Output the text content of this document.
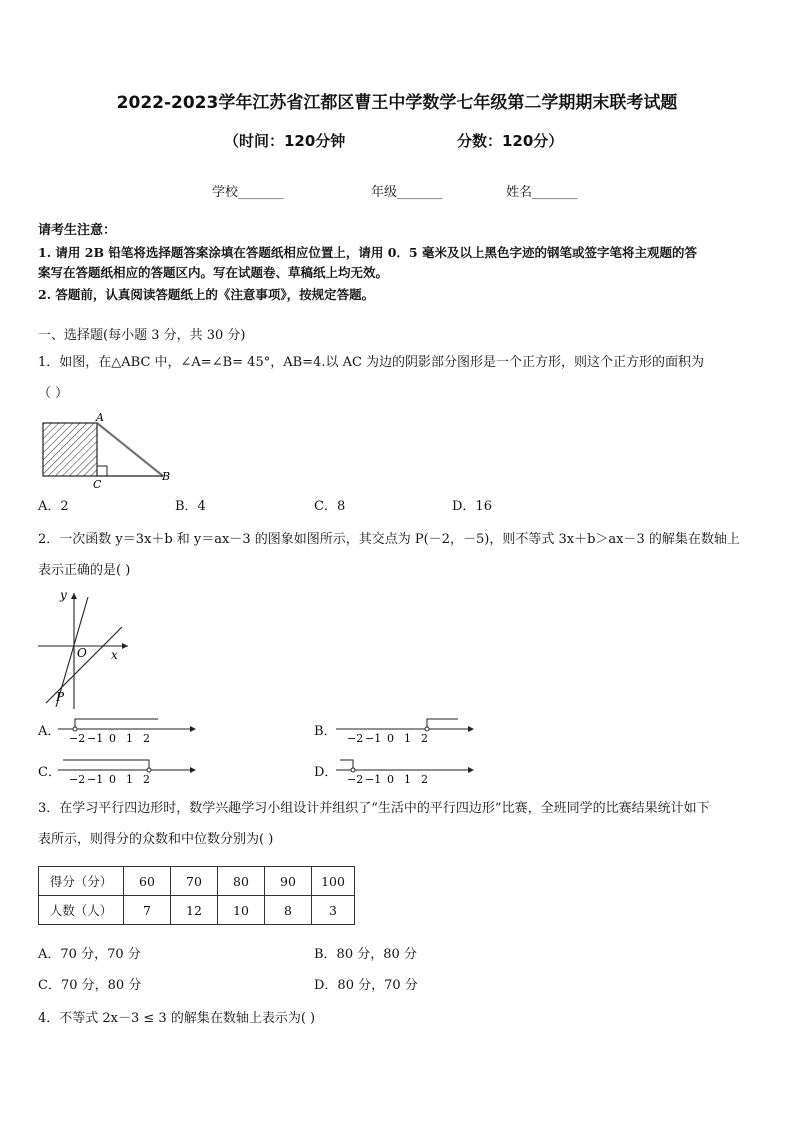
2022-2023学年江苏省江都区曹王中学数学七年级第二学期期末联考试题
（时间：120分钟	分数：120分）
学校_______	年级_______	姓名_______
请考生注意：
1. 请用 2B 铅笔将选择题答案涂填在答题纸相应位置上，请用 0．5 毫米及以上黑色字迹的钢笔或签字笔将主观题的答
案写在答题纸相应的答题区内。写在试题卷、草稿纸上均无效。
2. 答题前，认真阅读答题纸上的《注意事项》，按规定答题。
一、选择题(每小题 3 分，共 30 分)
1．如图，在△ABC 中，∠A=∠B= 45°，AB=4.以 AC 为边的阴影部分图形是一个正方形，则这个正方形的面积为
（ ）
A
B
C
A．2	B．4	C．8	D．16
2．一次函数 y＝3x＋b 和 y＝ax－3 的图象如图所示，其交点为 P(－2，－5)，则不等式 3x＋b＞ax－3 的解集在数轴上
表示正确的是( )
y
x
O
P
A． −2 −1 0 1 2	B． −2 −1 0 1 2
C． −2 −1 0 1 2	D． −2 −1 0 1 2
3．在学习平行四边形时，数学兴趣学习小组设计并组织了“生活中的平行四边形”比赛，全班同学的比赛结果统计如下
表所示，则得分的众数和中位数分别为( )
得分（分）	60	70	80	90	100
人数（人）	7	12	10	8	3
A．70 分，70 分	B．80 分，80 分
C．70 分，80 分	D．80 分，70 分
4．不等式 2x－3 ≤ 3 的解集在数轴上表示为( )
